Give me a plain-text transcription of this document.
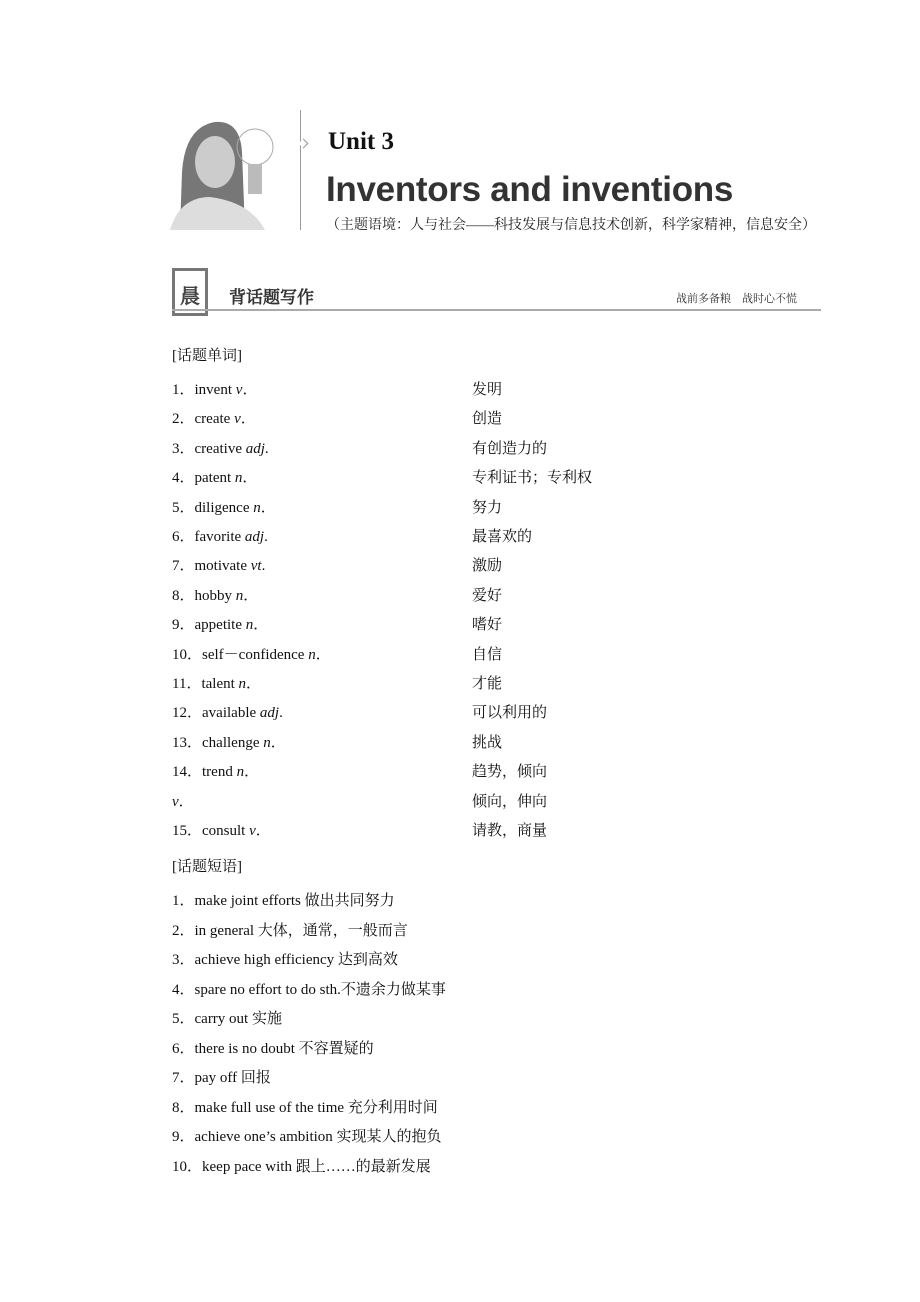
Unit 3
Inventors and inventions
（主题语境：人与社会——科技发展与信息技术创新，科学家精神，信息安全）
晨 背话题写作	战前多备粮　战时心不慌
[话题单词]
1．invent v．	发明
2．create v．	创造
3．creative adj.	有创造力的
4．patent n．	专利证书；专利权
5．diligence n．	努力
6．favorite adj.	最喜欢的
7．motivate vt.	激励
8．hobby n．	爱好
9．appetite n．	嗜好
10．self－confidence n．	自信
11．talent n．	才能
12．available adj.	可以利用的
13．challenge n．	挑战
14．trend n．	趋势，倾向
v．	倾向，伸向
15．consult v．	请教，商量
[话题短语]
1．make joint efforts 做出共同努力
2．in general 大体，通常，一般而言
3．achieve high efficiency 达到高效
4．spare no effort to do sth.不遗余力做某事
5．carry out 实施
6．there is no doubt 不容置疑的
7．pay off 回报
8．make full use of the time 充分利用时间
9．achieve one’s ambition 实现某人的抱负
10．keep pace with 跟上……的最新发展
